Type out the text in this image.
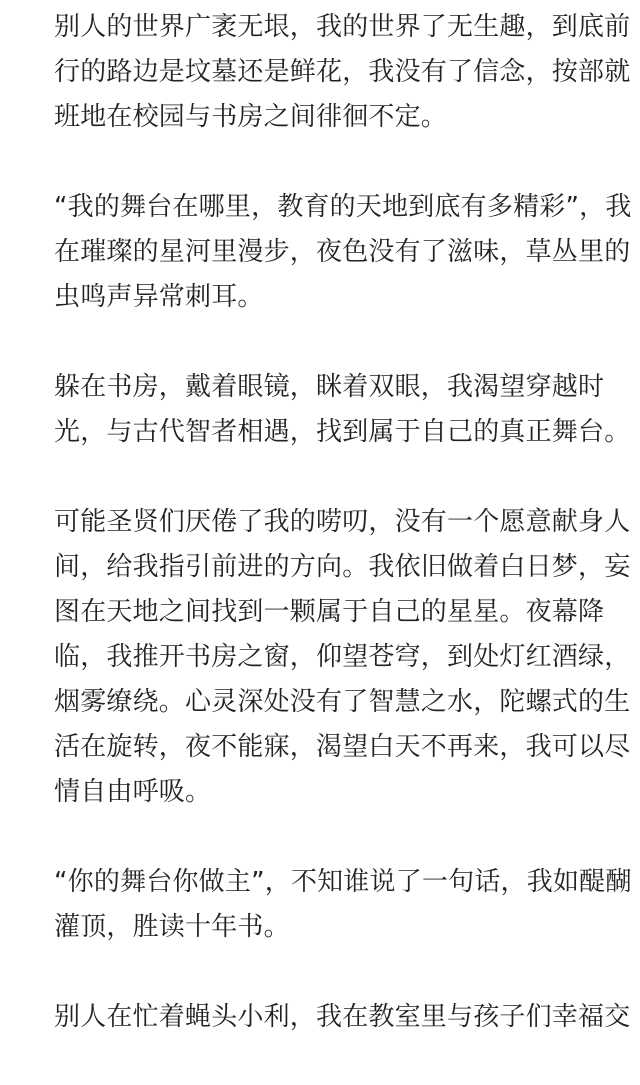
别人的世界广袤无垠，我的世界了无生趣，到底前
行的路边是坟墓还是鲜花，我没有了信念，按部就
班地在校园与书房之间徘徊不定。
“我的舞台在哪里，教育的天地到底有多精彩”，我
在璀璨的星河里漫步，夜色没有了滋味，草丛里的
虫鸣声异常刺耳。
躲在书房，戴着眼镜，眯着双眼，我渴望穿越时
光，与古代智者相遇，找到属于自己的真正舞台。
可能圣贤们厌倦了我的唠叨，没有一个愿意献身人
间，给我指引前进的方向。我依旧做着白日梦，妄
图在天地之间找到一颗属于自己的星星。夜幕降
临，我推开书房之窗，仰望苍穹，到处灯红酒绿，
烟雾缭绕。心灵深处没有了智慧之水，陀螺式的生
活在旋转，夜不能寐，渴望白天不再来，我可以尽
情自由呼吸。
“你的舞台你做主”，不知谁说了一句话，我如醍醐
灌顶，胜读十年书。
别人在忙着蝇头小利，我在教室里与孩子们幸福交
